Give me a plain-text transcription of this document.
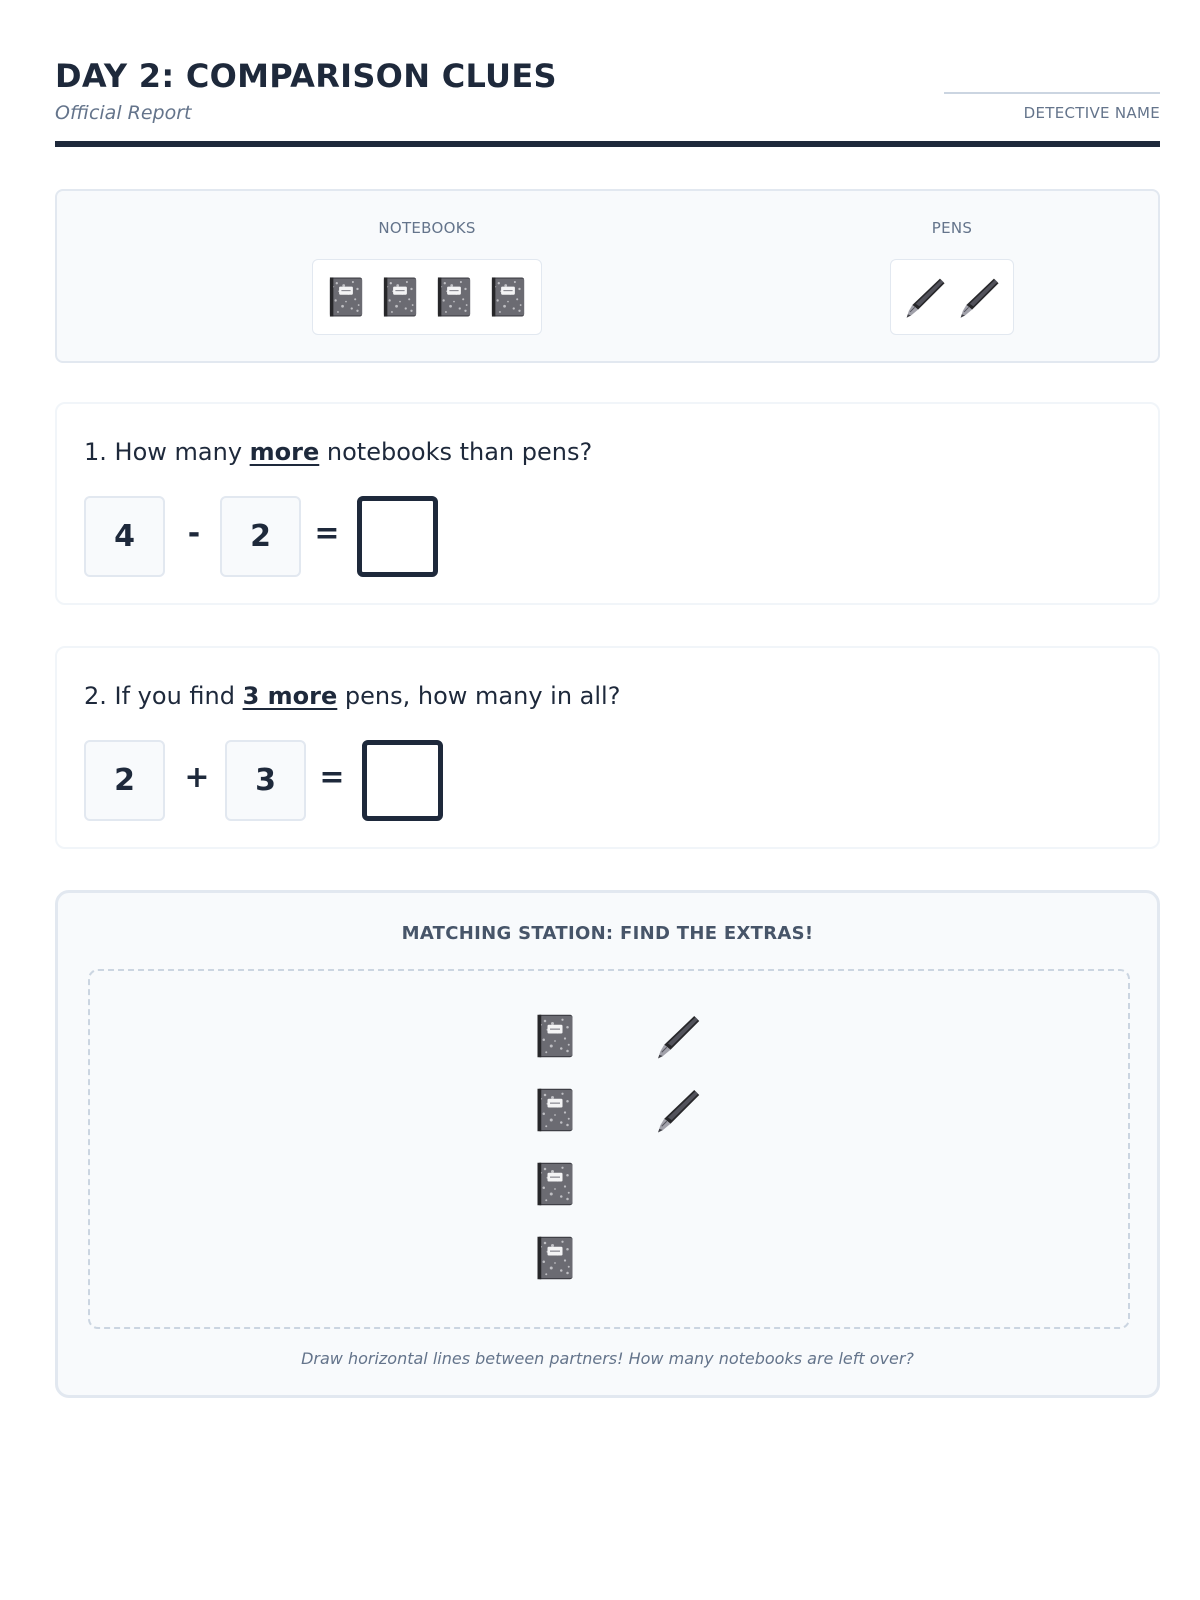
DAY 2: COMPARISON CLUES
Official Report	DETECTIVE NAME
NOTEBOOKS	PENS
1. How many more notebooks than pens?
4	-	2	=
2. If you find 3 more pens, how many in all?
2	+	3	=
MATCHING STATION: FIND THE EXTRAS!
Draw horizontal lines between partners! How many notebooks are left over?
